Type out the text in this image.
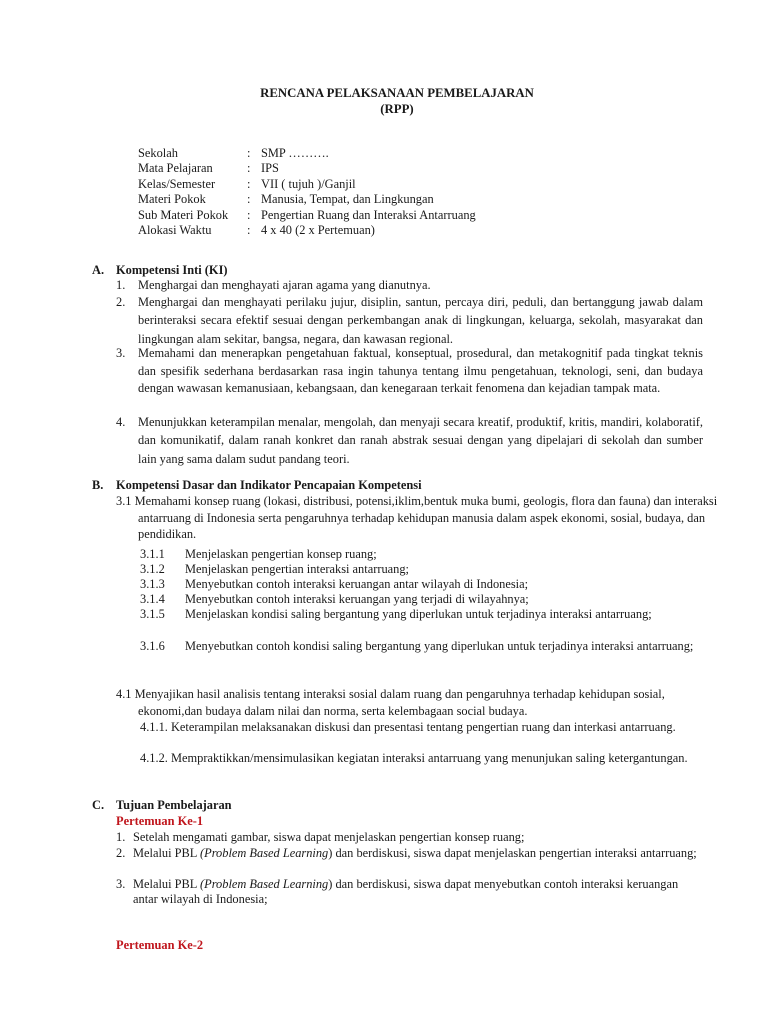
RENCANA PELAKSANAAN PEMBELAJARAN
(RPP)
Sekolah	:	SMP ……….
Mata Pelajaran	:	IPS
Kelas/Semester	:	VII ( tujuh )/Ganjil
Materi Pokok	:	Manusia, Tempat, dan Lingkungan
Sub Materi Pokok	:	Pengertian Ruang dan Interaksi Antarruang
Alokasi Waktu	:	4 x 40 (2 x Pertemuan)
A. Kompetensi Inti (KI)
1. Menghargai dan menghayati ajaran agama yang dianutnya.
2. Menghargai dan menghayati perilaku jujur, disiplin, santun, percaya diri, peduli, dan bertanggung jawab dalam berinteraksi secara efektif sesuai dengan perkembangan anak di lingkungan, keluarga, sekolah, masyarakat dan lingkungan alam sekitar, bangsa, negara, dan kawasan regional.
3. Memahami dan menerapkan pengetahuan faktual, konseptual, prosedural, dan metakognitif pada tingkat teknis dan spesifik sederhana berdasarkan rasa ingin tahunya tentang ilmu pengetahuan, teknologi, seni, dan budaya dengan wawasan kemanusiaan, kebangsaan, dan kenegaraan terkait fenomena dan kejadian tampak mata.
4. Menunjukkan keterampilan menalar, mengolah, dan menyaji secara kreatif, produktif, kritis, mandiri, kolaboratif, dan komunikatif, dalam ranah konkret dan ranah abstrak sesuai dengan yang dipelajari di sekolah dan sumber lain yang sama dalam sudut pandang teori.
B. Kompetensi Dasar dan Indikator Pencapaian Kompetensi
3.1 Memahami konsep ruang (lokasi, distribusi, potensi,iklim,bentuk muka bumi, geologis, flora dan fauna) dan interaksi antarruang di Indonesia serta pengaruhnya terhadap kehidupan manusia dalam aspek ekonomi, sosial, budaya, dan pendidikan.
3.1.1 Menjelaskan pengertian konsep ruang;
3.1.2 Menjelaskan pengertian interaksi antarruang;
3.1.3 Menyebutkan contoh interaksi keruangan antar wilayah di Indonesia;
3.1.4 Menyebutkan contoh interaksi keruangan yang terjadi di wilayahnya;
3.1.5 Menjelaskan kondisi saling bergantung yang diperlukan untuk terjadinya interaksi antarruang;
3.1.6 Menyebutkan contoh kondisi saling bergantung yang diperlukan untuk terjadinya interaksi antarruang;
4.1 Menyajikan hasil analisis tentang interaksi sosial dalam ruang dan pengaruhnya terhadap kehidupan sosial, ekonomi,dan budaya dalam nilai dan norma, serta kelembagaan social budaya.
4.1.1. Keterampilan melaksanakan diskusi dan presentasi tentang pengertian ruang dan interkasi antarruang.
4.1.2. Mempraktikkan/mensimulasikan kegiatan interaksi antarruang yang menunjukan saling ketergantungan.
C. Tujuan Pembelajaran
Pertemuan Ke-1
1. Setelah mengamati gambar, siswa dapat menjelaskan pengertian konsep ruang;
2. Melalui PBL (Problem Based Learning) dan berdiskusi, siswa dapat menjelaskan pengertian interaksi antarruang;
3. Melalui PBL (Problem Based Learning) dan berdiskusi, siswa dapat menyebutkan contoh interaksi keruangan antar wilayah di Indonesia;
Pertemuan Ke-2
